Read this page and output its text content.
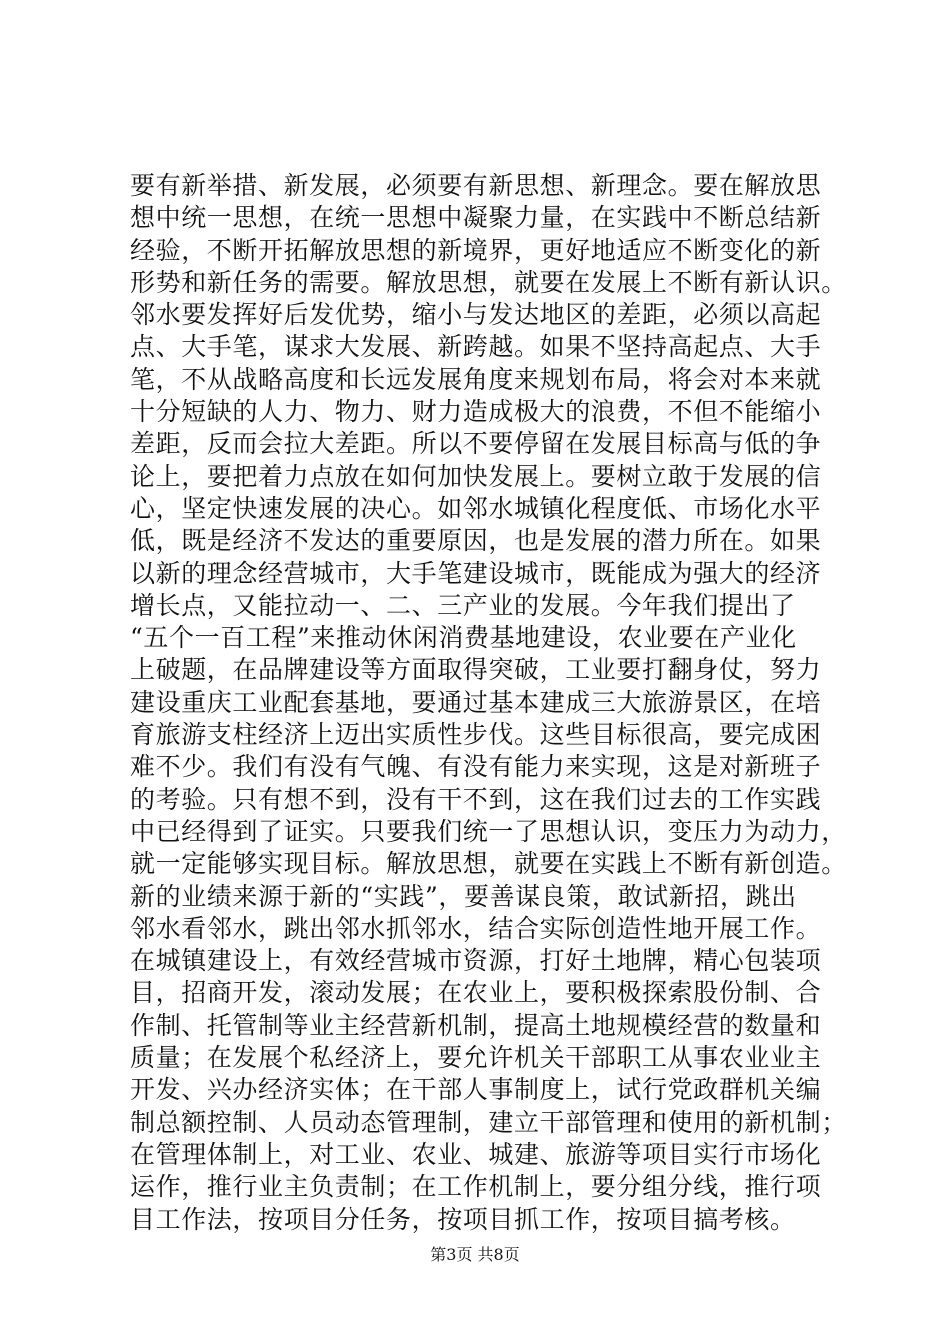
要有新举措、新发展，必须要有新思想、新理念。要在解放思
想中统一思想，在统一思想中凝聚力量，在实践中不断总结新
经验，不断开拓解放思想的新境界，更好地适应不断变化的新
形势和新任务的需要。解放思想，就要在发展上不断有新认识。
邻水要发挥好后发优势，缩小与发达地区的差距，必须以高起
点、大手笔，谋求大发展、新跨越。如果不坚持高起点、大手
笔，不从战略高度和长远发展角度来规划布局，将会对本来就
十分短缺的人力、物力、财力造成极大的浪费，不但不能缩小
差距，反而会拉大差距。所以不要停留在发展目标高与低的争
论上，要把着力点放在如何加快发展上。要树立敢于发展的信
心，坚定快速发展的决心。如邻水城镇化程度低、市场化水平
低，既是经济不发达的重要原因，也是发展的潜力所在。如果
以新的理念经营城市，大手笔建设城市，既能成为强大的经济
增长点，又能拉动一、二、三产业的发展。今年我们提出了
“五个一百工程”来推动休闲消费基地建设，农业要在产业化
上破题，在品牌建设等方面取得突破，工业要打翻身仗，努力
建设重庆工业配套基地，要通过基本建成三大旅游景区，在培
育旅游支柱经济上迈出实质性步伐。这些目标很高，要完成困
难不少。我们有没有气魄、有没有能力来实现，这是对新班子
的考验。只有想不到，没有干不到，这在我们过去的工作实践
中已经得到了证实。只要我们统一了思想认识，变压力为动力，
就一定能够实现目标。解放思想，就要在实践上不断有新创造。
新的业绩来源于新的“实践”，要善谋良策，敢试新招，跳出
邻水看邻水，跳出邻水抓邻水，结合实际创造性地开展工作。
在城镇建设上，有效经营城市资源，打好土地牌，精心包装项
目，招商开发，滚动发展；在农业上，要积极探索股份制、合
作制、托管制等业主经营新机制，提高土地规模经营的数量和
质量；在发展个私经济上，要允许机关干部职工从事农业业主
开发、兴办经济实体；在干部人事制度上，试行党政群机关编
制总额控制、人员动态管理制，建立干部管理和使用的新机制；
在管理体制上，对工业、农业、城建、旅游等项目实行市场化
运作，推行业主负责制；在工作机制上，要分组分线，推行项
目工作法，按项目分任务，按项目抓工作，按项目搞考核。
第3页 共8页
